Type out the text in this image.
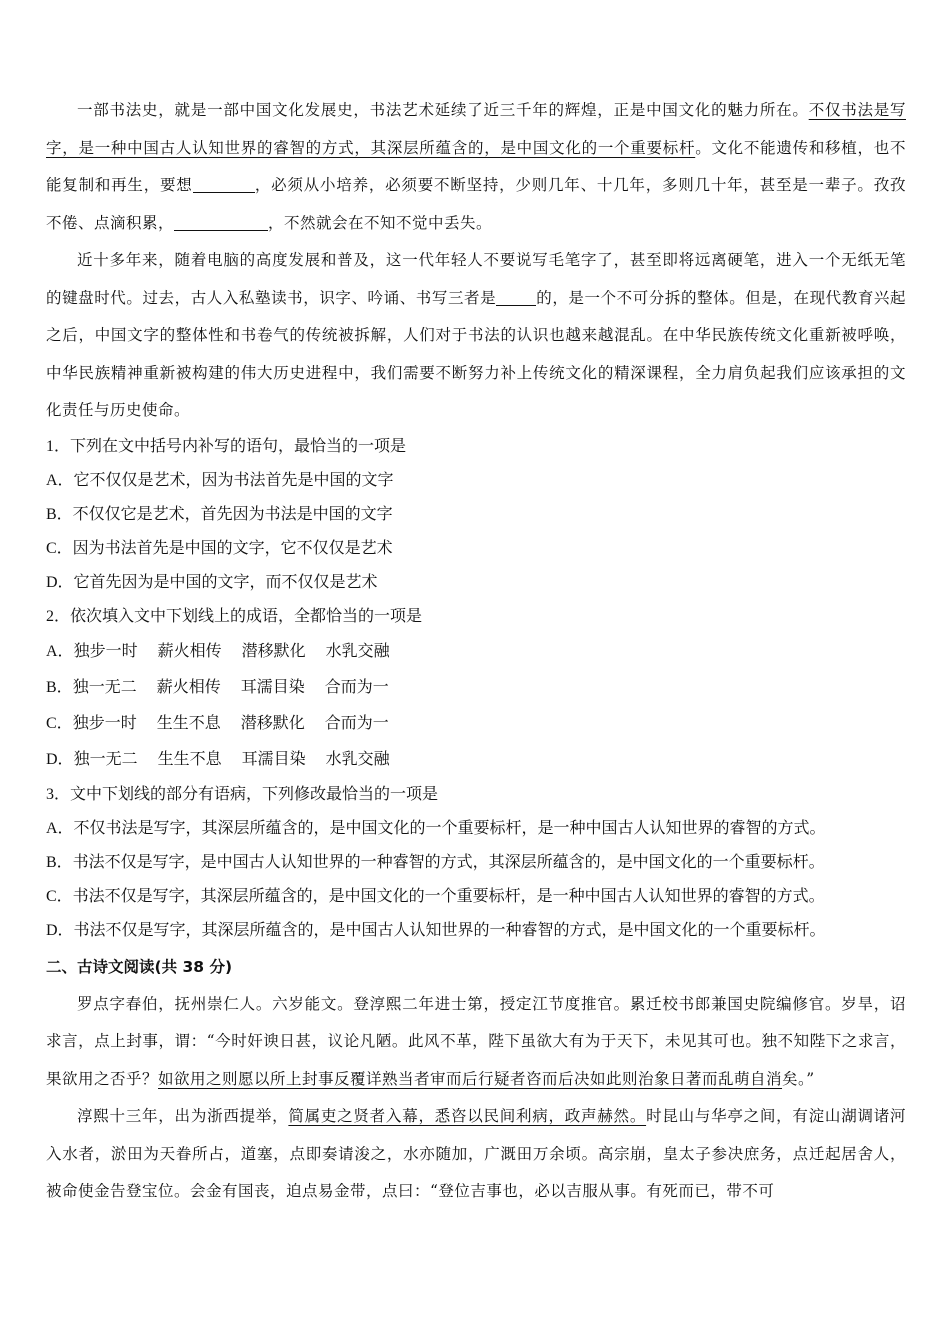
一部书法史，就是一部中国文化发展史，书法艺术延续了近三千年的辉煌，正是中国文化的魅力所在。不仅书法是写字，是一种中国古人认知世界的睿智的方式，其深层所蕴含的，是中国文化的一个重要标杆。文化不能遗传和移植，也不能复制和再生，要想	，必须从小培养，必须要不断坚持，少则几年、十几年，多则几十年，甚至是一辈子。孜孜不倦、点滴积累，	，不然就会在不知不觉中丢失。

近十多年来，随着电脑的高度发展和普及，这一代年轻人不要说写毛笔字了，甚至即将远离硬笔，进入一个无纸无笔的键盘时代。过去，古人入私塾读书，识字、吟诵、书写三者是	的，是一个不可分拆的整体。但是，在现代教育兴起之后，中国文字的整体性和书卷气的传统被拆解，人们对于书法的认识也越来越混乱。在中华民族传统文化重新被呼唤，中华民族精神重新被构建的伟大历史进程中，我们需要不断努力补上传统文化的精深课程，全力肩负起我们应该承担的文化责任与历史使命。

1．下列在文中括号内补写的语句，最恰当的一项是

A．它不仅仅是艺术，因为书法首先是中国的文字

B．不仅仅它是艺术，首先因为书法是中国的文字

C．因为书法首先是中国的文字，它不仅仅是艺术

D．它首先因为是中国的文字，而不仅仅是艺术

2．依次填入文中下划线上的成语，全都恰当的一项是

A．独步一时 薪火相传 潜移默化 水乳交融

B．独一无二 薪火相传 耳濡目染 合而为一

C．独步一时 生生不息 潜移默化 合而为一

D．独一无二 生生不息 耳濡目染 水乳交融

3．文中下划线的部分有语病，下列修改最恰当的一项是

A．不仅书法是写字，其深层所蕴含的，是中国文化的一个重要标杆，是一种中国古人认知世界的睿智的方式。

B．书法不仅是写字，是中国古人认知世界的一种睿智的方式，其深层所蕴含的，是中国文化的一个重要标杆。

C．书法不仅是写字，其深层所蕴含的，是中国文化的一个重要标杆，是一种中国古人认知世界的睿智的方式。

D．书法不仅是写字，其深层所蕴含的，是中国古人认知世界的一种睿智的方式，是中国文化的一个重要标杆。

二、古诗文阅读(共 38 分)

罗点字春伯，抚州崇仁人。六岁能文。登淳熙二年进士第，授定江节度推官。累迁校书郎兼国史院编修官。岁旱，诏求言，点上封事，谓：“今时奸谀日甚，议论凡陋。此风不革，陛下虽欲大有为于天下，未见其可也。独不知陛下之求言，果欲用之否乎？如欲用之则愿以所上封事反覆详熟当者审而后行疑者咨而后决如此则治象日著而乱萌自消矣。”

淳熙十三年，出为浙西提举，简属吏之贤者入幕，悉咨以民间利病，政声赫然。时昆山与华亭之间，有淀山湖调诸河入水者，淤田为天眷所占，道塞，点即奏请浚之，水亦随加，广溉田万余顷。高宗崩，皇太子参决庶务，点迁起居舍人，被命使金告登宝位。会金有国丧，迫点易金带，点曰：“登位吉事也，必以吉服从事。有死而已，带不可
